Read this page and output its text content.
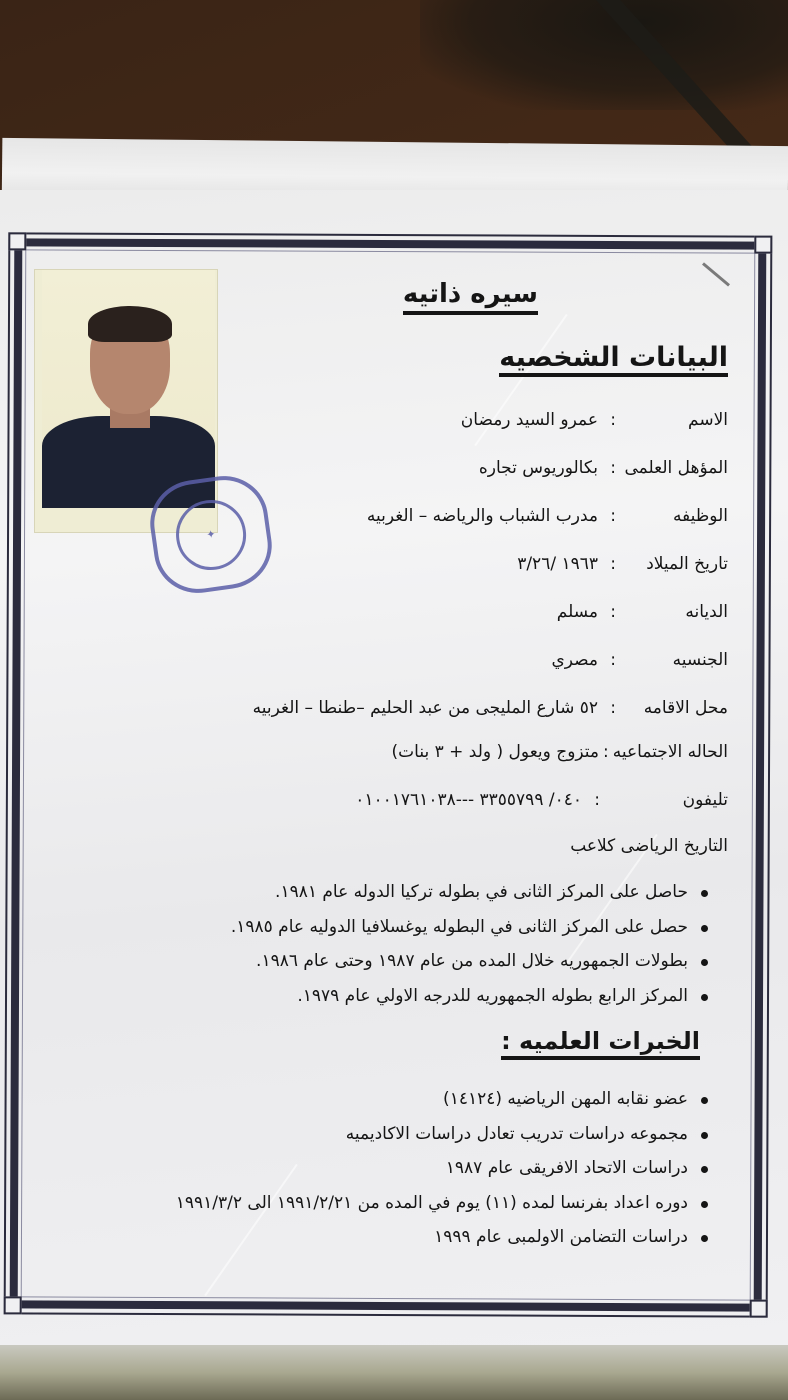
✦
سيره ذاتيه
البيانات الشخصيه
الاسم
:
عمرو السيد رمضان
المؤهل العلمى
:
بكالوريوس تجاره
الوظيفه
:
مدرب الشباب والرياضه – الغربيه
تاريخ الميلاد
:
١٩٦٣ /٣/٢٦
الديانه
:
مسلم
الجنسيه
:
مصري
محل الاقامه
:
٥٢ شارع المليجى من عبد الحليم –طنطا – الغربيه
الحاله الاجتماعيه
:
متزوج ويعول ( ولد + ٣ بنات)
تليفون
:
٠٤٠/ ٣٣٥٥٧٩٩ ---٠١٠٠١٧٦١٠٣٨
التاريخ الرياضى كلاعب
حاصل على المركز الثانى في بطوله تركيا الدوله عام ١٩٨١.
حصل على المركز الثانى في البطوله يوغسلافيا الدوليه عام ١٩٨٥.
بطولات الجمهوريه خلال المده من عام ١٩٨٧ وحتى عام ١٩٨٦.
المركز الرابع بطوله الجمهوريه للدرجه الاولي عام ١٩٧٩.
الخبرات العلميه :
عضو نقابه المهن الرياضيه (١٤١٢٤)
مجموعه دراسات تدريب تعادل دراسات الاكاديميه
دراسات الاتحاد الافريقى عام ١٩٨٧
دوره اعداد بفرنسا لمده (١١) يوم في المده من ١٩٩١/٢/٢١ الى ١٩٩١/٣/٢
دراسات التضامن الاولمبى عام ١٩٩٩
